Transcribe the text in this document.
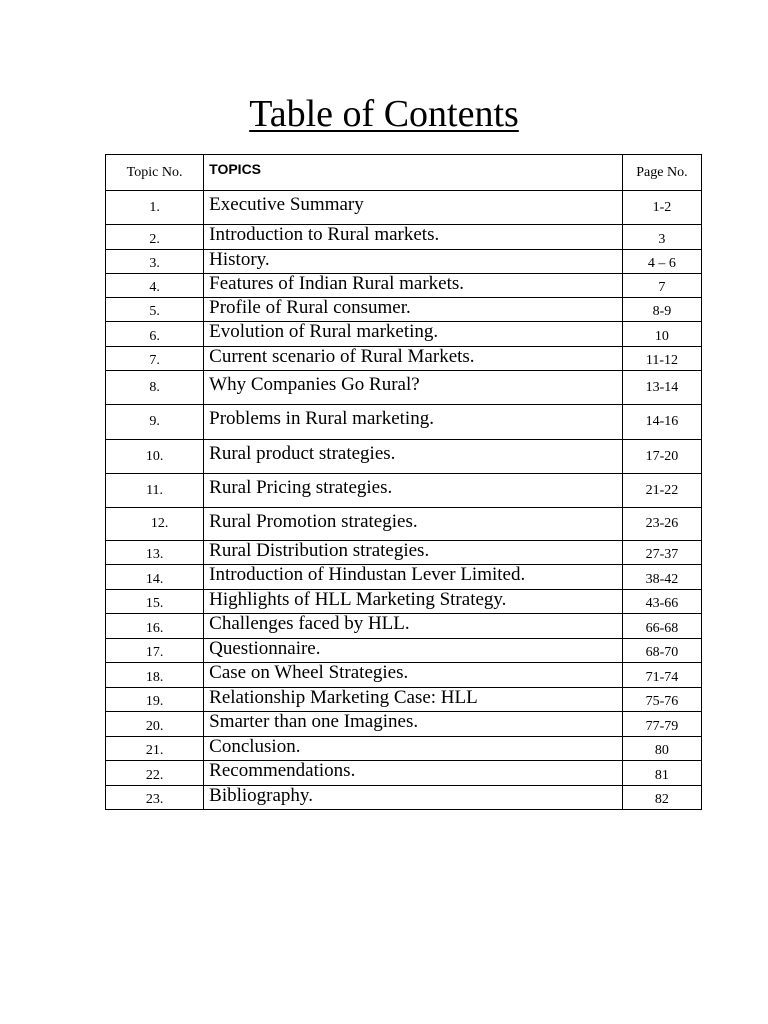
Table of Contents
Topic No.	TOPICS	Page No.
1.	Executive Summary	1-2
2.	Introduction to Rural markets.	3
3.	History.	4 – 6
4.	Features of Indian Rural markets.	7
5.	Profile of Rural consumer.	8-9
6.	Evolution of Rural marketing.	10
7.	Current scenario of Rural Markets.	11-12
8.	Why Companies Go Rural?	13-14
9.	Problems in Rural marketing.	14-16
10.	Rural product strategies.	17-20
11.	Rural Pricing strategies.	21-22
12.	Rural Promotion strategies.	23-26
13.	Rural Distribution strategies.	27-37
14.	Introduction of Hindustan Lever Limited.	38-42
15.	Highlights of HLL Marketing Strategy.	43-66
16.	Challenges faced by HLL.	66-68
17.	Questionnaire.	68-70
18.	Case on Wheel Strategies.	71-74
19.	Relationship Marketing Case: HLL	75-76
20.	Smarter than one Imagines.	77-79
21.	Conclusion.	80
22.	Recommendations.	81
23.	Bibliography.	82
